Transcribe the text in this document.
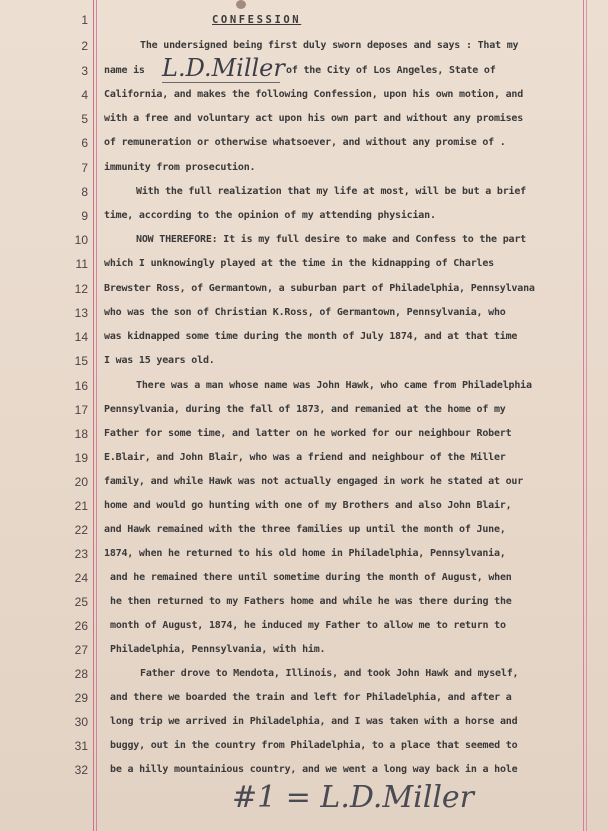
CONFESSION
L.D.Miller
1
2
3
4
5
6
7
8
9
10
11
12
13
14
15
16
17
18
19
20
21
22
23
24
25
26
27
28
29
30
31
32
The undersigned being first duly sworn deposes and says : That my
California, and makes the following Confession, upon his own motion, and
with a free and voluntary act upon his own part and without any promises
of remuneration or otherwise whatsoever, and without any promise of .
immunity from prosecution.
With the full realization that my life at most, will be but a brief
time, according to the opinion of my attending physician.
NOW THEREFORE: It is my full desire to make and Confess to the part
which I unknowingly played at the time in the kidnapping of Charles
Brewster Ross, of Germantown, a suburban part of Philadelphia, Pennsylvana
who was the son of Christian K.Ross, of Germantown, Pennsylvania, who
was kidnapped some time during the month of July 1874, and at that time
I was 15 years old.
There was a man whose name was John Hawk, who came from Philadelphia
Pennsylvania, during the fall of 1873, and remanied at the home of my
Father for some time, and latter on he worked for our neighbour Robert
E.Blair, and John Blair, who was a friend and neighbour of the Miller
family, and while Hawk was not actually engaged in work he stated at our
home and would go hunting with one of my Brothers and also John Blair,
and Hawk remained with the three families up until the month of June,
1874, when he returned to his old home in Philadelphia, Pennsylvania,
and he remained there until sometime during the month of August, when
he then returned to my Fathers home and while he was there during the
month of August, 1874, he induced my Father to allow me to return to
Philadelphia, Pennsylvania, with him.
Father drove to Mendota, Illinois, and took John Hawk and myself,
and there we boarded the train and left for Philadelphia, and after a
long trip we arrived in Philadelphia, and I was taken with a horse and
buggy, out in the country from Philadelphia, to a place that seemed to
be a hilly mountainious country, and we went a long way back in a hole
name is	of the City of Los Angeles, State of
#1 = L.D.Miller
